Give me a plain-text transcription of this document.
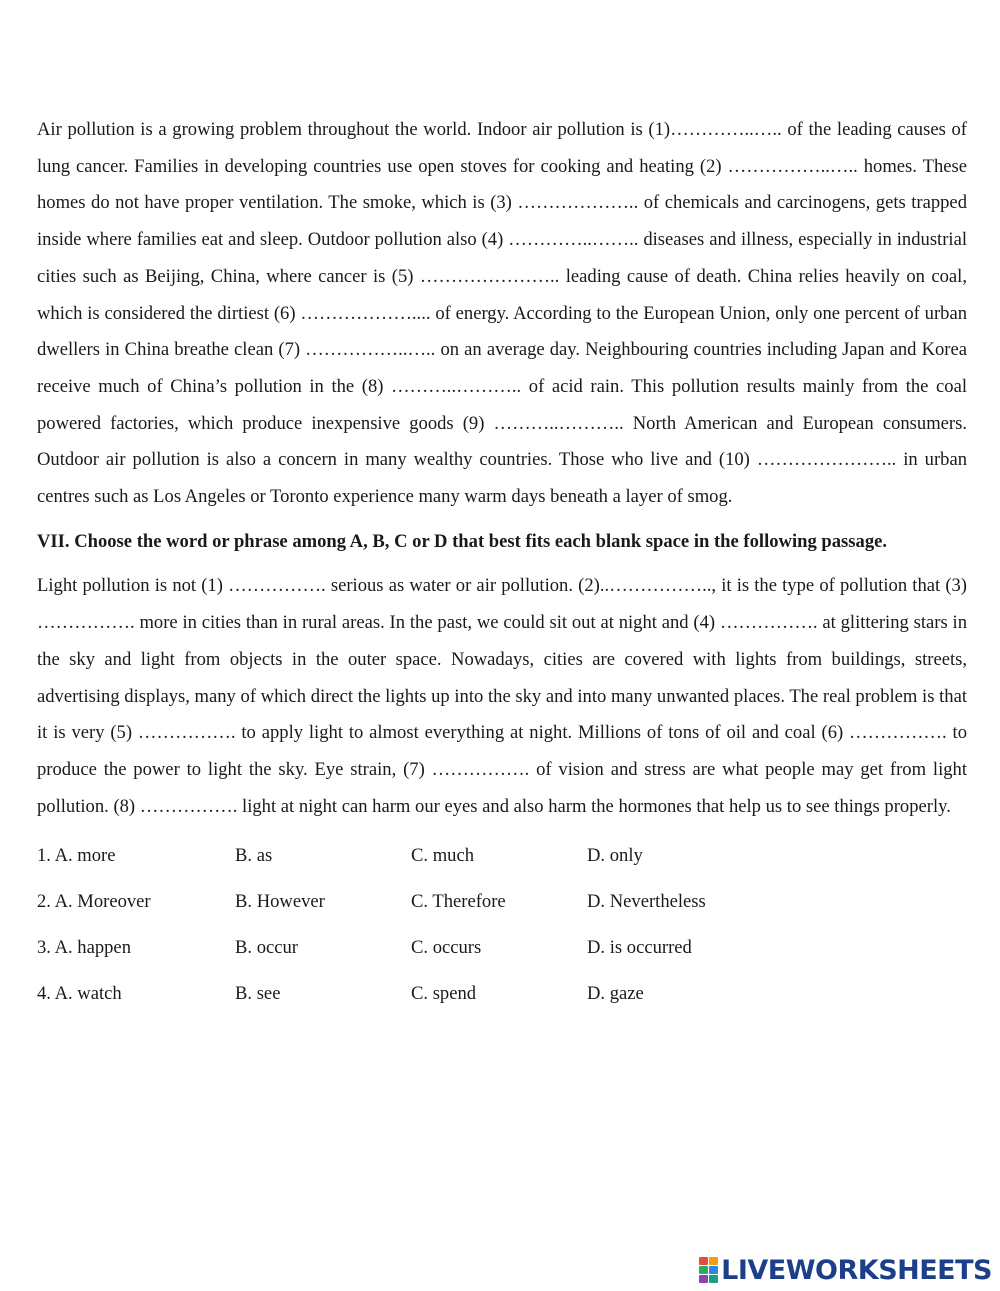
Air pollution is a growing problem throughout the world. Indoor air pollution is (1)…………..….. of the leading causes of lung cancer. Families in developing countries use open stoves for cooking and heating (2) ……………..….. homes. These homes do not have proper ventilation. The smoke, which is (3) ……………….. of chemicals and carcinogens, gets trapped inside where families eat and sleep. Outdoor pollution also (4) …………..…….. diseases and illness, especially in industrial cities such as Beijing, China, where cancer is (5) ………………….. leading cause of death. China relies heavily on coal, which is considered the dirtiest (6) ……………….... of energy. According to the European Union, only one percent of urban dwellers in China breathe clean (7) ……………..….. on an average day. Neighbouring countries including Japan and Korea receive much of China’s pollution in the (8) ………..……….. of acid rain. This pollution results mainly from the coal powered factories, which produce inexpensive goods (9) ………..……….. North American and European consumers. Outdoor air pollution is also a concern in many wealthy countries. Those who live and (10) ………………….. in urban centres such as Los Angeles or Toronto experience many warm days beneath a layer of smog.

VII. Choose the word or phrase among A, B, C or D that best fits each blank space in the following passage.

Light pollution is not (1) ……………. serious as water or air pollution. (2)..…………….., it is the type of pollution that (3) ……………. more in cities than in rural areas. In the past, we could sit out at night and (4) ……………. at glittering stars in the sky and light from objects in the outer space. Nowadays, cities are covered with lights from buildings, streets, advertising displays, many of which direct the lights up into the sky and into many unwanted places. The real problem is that it is very (5) ……………. to apply light to almost everything at night. Millions of tons of oil and coal (6) ……………. to produce the power to light the sky. Eye strain, (7) ……………. of vision and stress are what people may get from light pollution. (8) ……………. light at night can harm our eyes and also harm the hormones that help us to see things properly.

1. A. more	B. as	C. much	D. only
2. A. Moreover	B. However	C. Therefore	D. Nevertheless
3. A. happen	B. occur	C. occurs	D. is occurred
4. A. watch	B. see	C. spend	D. gaze
LIVEWORKSHEETS
